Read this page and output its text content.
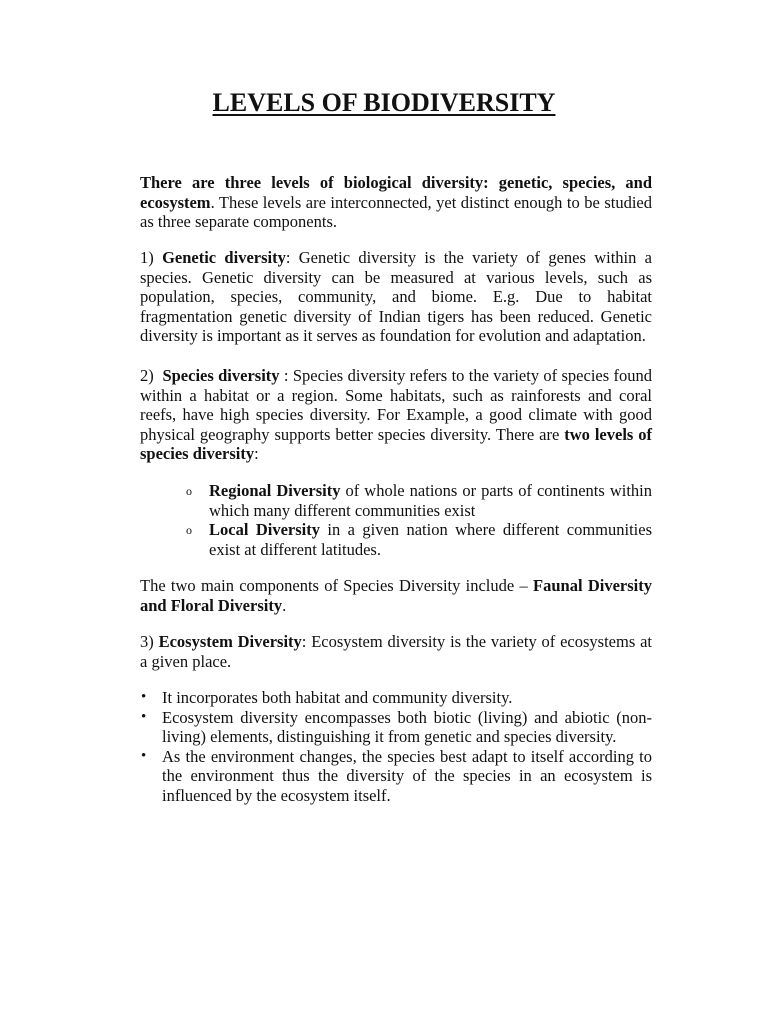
LEVELS OF BIODIVERSITY

There are three levels of biological diversity: genetic, species, and ecosystem. These levels are interconnected, yet distinct enough to be studied as three separate components.

1) Genetic diversity: Genetic diversity is the variety of genes within a species. Genetic diversity can be measured at various levels, such as population, species, community, and biome. E.g. Due to habitat fragmentation genetic diversity of Indian tigers has been reduced. Genetic diversity is important as it serves as foundation for evolution and adaptation.

2)  Species diversity : Species diversity refers to the variety of species found within a habitat or a region. Some habitats, such as rainforests and coral reefs, have high species diversity. For Example, a good climate with good physical geography supports better species diversity. There are two levels of species diversity:

o Regional Diversity of whole nations or parts of continents within which many different communities exist
o Local Diversity in a given nation where different communities exist at different latitudes.

The two main components of Species Diversity include – Faunal Diversity and Floral Diversity.

3) Ecosystem Diversity: Ecosystem diversity is the variety of ecosystems at a given place.

• It incorporates both habitat and community diversity.
• Ecosystem diversity encompasses both biotic (living) and abiotic (non-living) elements, distinguishing it from genetic and species diversity.
• As the environment changes, the species best adapt to itself according to the environment thus the diversity of the species in an ecosystem is influenced by the ecosystem itself.
